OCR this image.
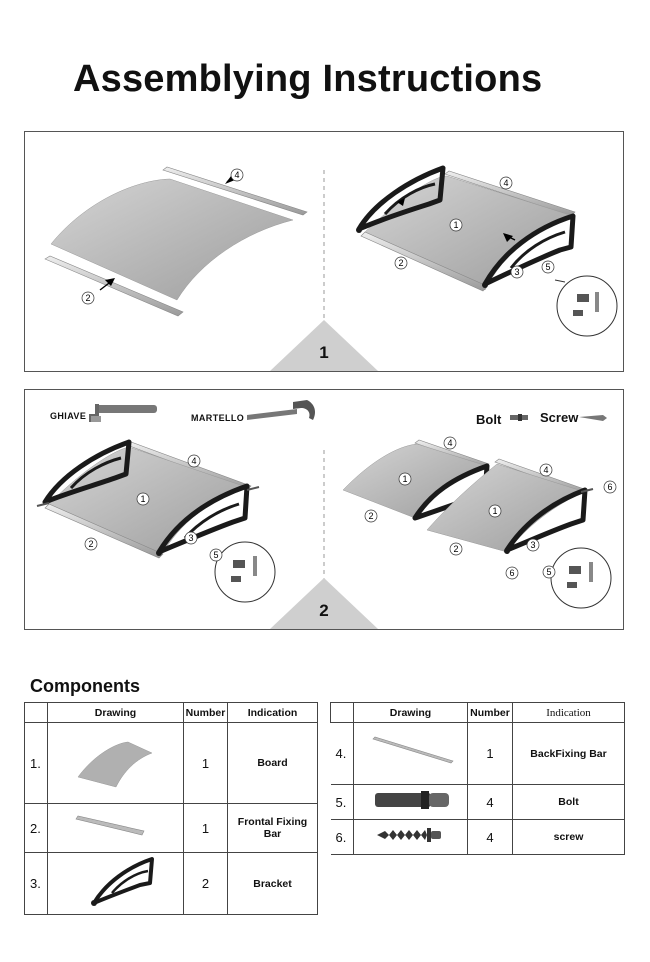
Assemblying Instructions
4
2
4
1
2
3	5
1
4
1
2
3
5
4
1
2
4
1
6
2	3
6	5
GHIAVE	MARTELLO	Bolt	Screw
2
Components
	Drawing	Number	Indication
1.		1	Board
2.		1	Frontal Fixing Bar
3.		2	Bracket
	Drawing	Number	Indication
4.		1	BackFixing Bar
5.		4	Bolt
6.		4	screw
